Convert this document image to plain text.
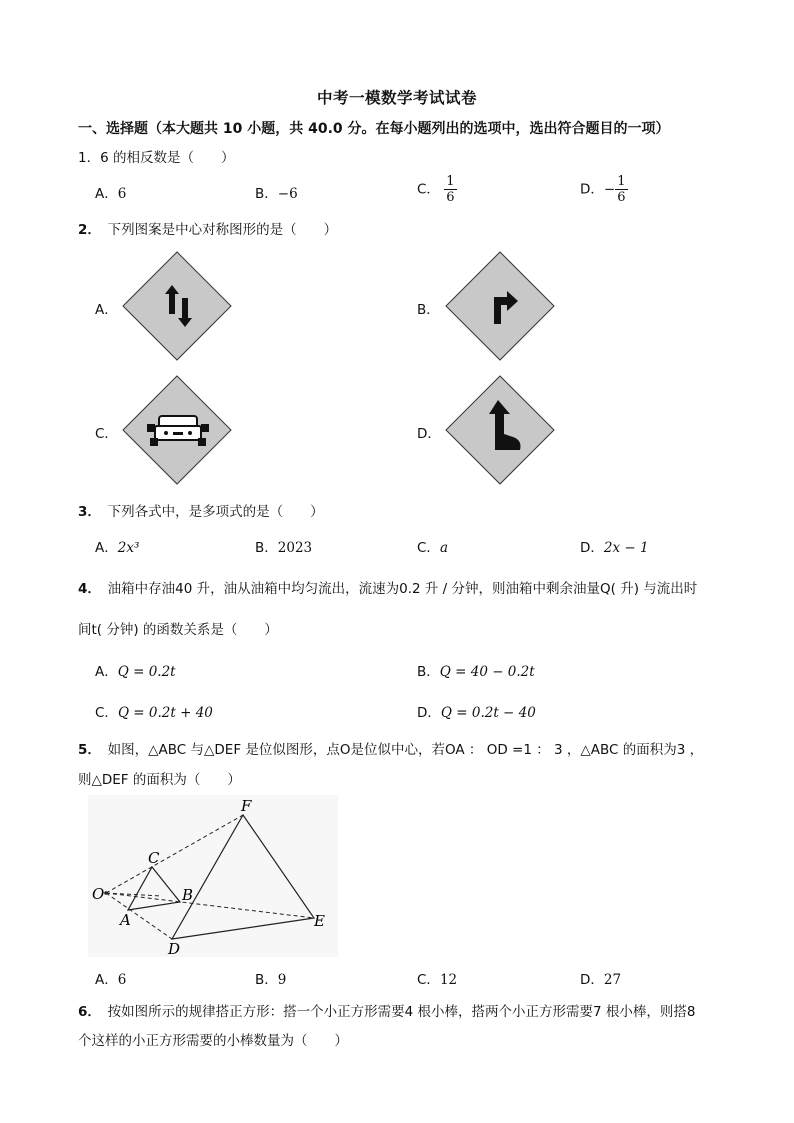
中考一模数学考试试卷
一、选择题（本大题共 10 小题，共 40.0 分。在每小题列出的选项中，选出符合题目的一项）
1．6 的相反数是（　　）
A．6	B．−6	C． $\frac{1}{6}$	D．− $\frac{1}{6}$
2．　 下列图案是中心对称图形的是（　　）
A．	B．
C．	D．
3．　 下列各式中，是多项式的是（　　）
A．2x³	B．2023	C．a	D．2x − 1
4．　 油箱中存油40 升，油从油箱中均匀流出，流速为0.2 升 / 分钟，则油箱中剩余油量Q( 升) 与流出时
间t( 分钟) 的函数关系是（　　）
A．Q = 0.2t	B．Q = 40 − 0.2t
C．Q = 0.2t + 40	D．Q = 0.2t − 40
5．　 如图，△ABC 与△DEF 是位似图形，点O是位似中心，若OA ： OD =1 ： 3 ，△ABC 的面积为3 ，
则△DEF 的面积为（　　）
O
A
B
C
D
E
F
A．6	B．9	C．12	D．27
6．　 按如图所示的规律搭正方形：搭一个小正方形需要4 根小棒，搭两个小正方形需要7 根小棒，则搭8
个这样的小正方形需要的小棒数量为（　　）
